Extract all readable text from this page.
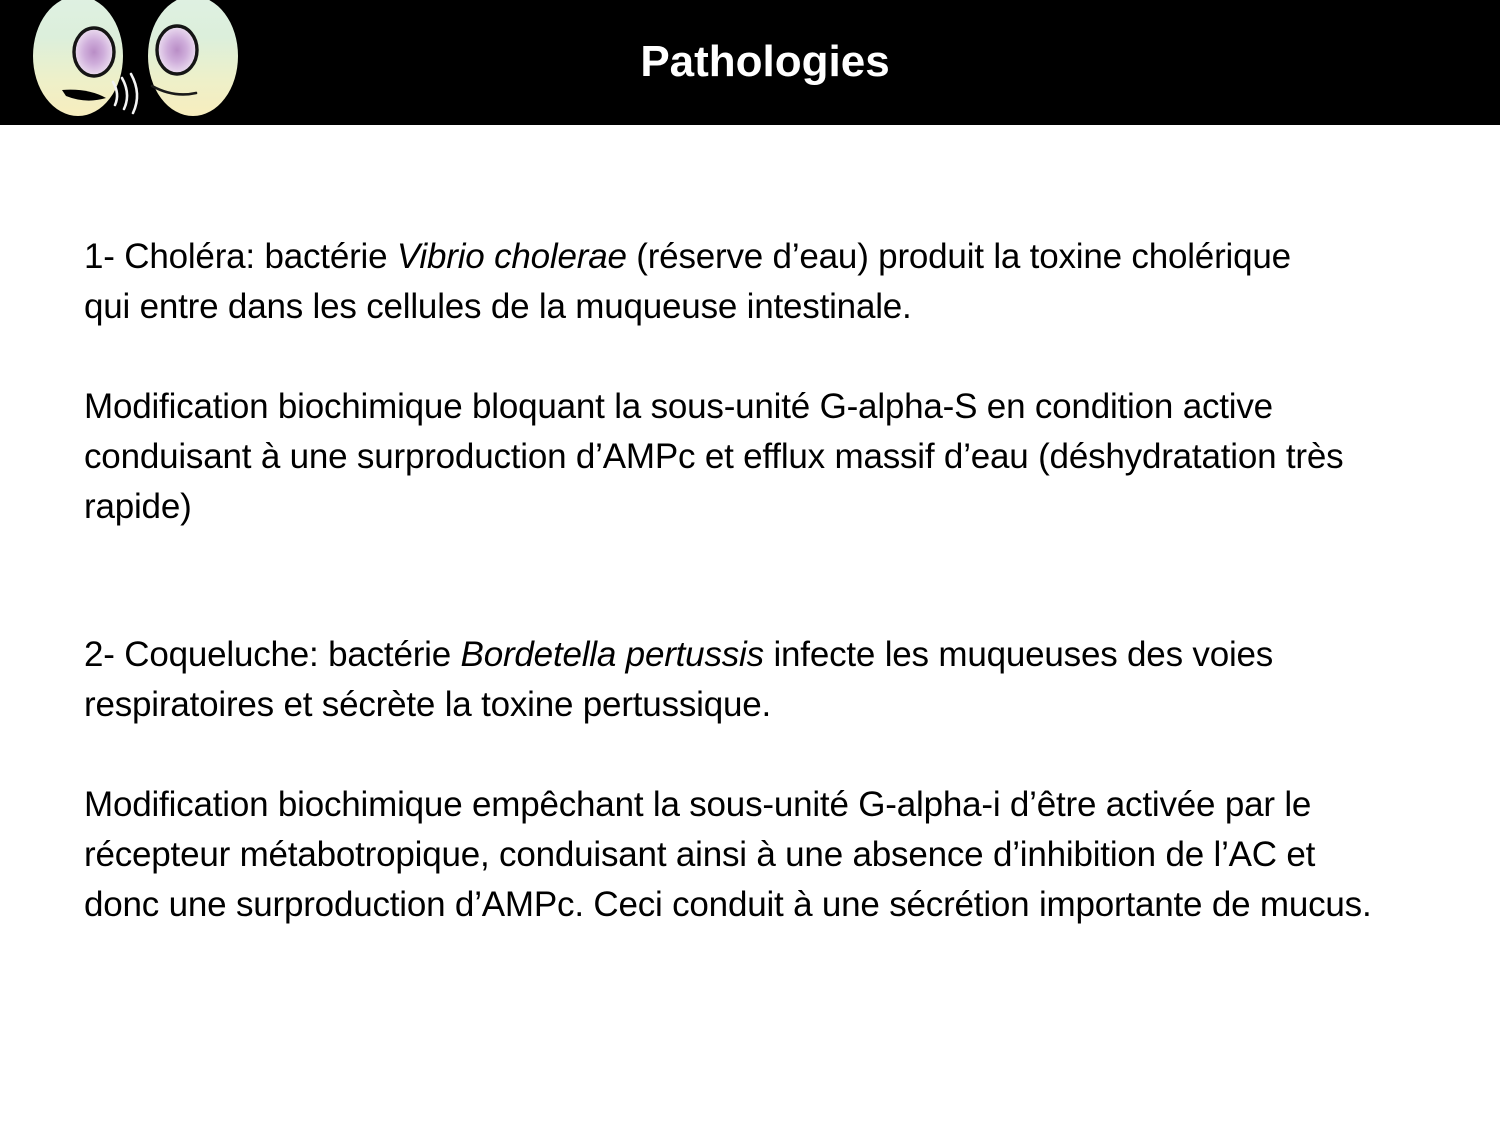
Pathologies

1- Choléra: bactérie Vibrio cholerae (réserve d’eau) produit la toxine cholérique qui entre dans les cellules de la muqueuse intestinale.

Modification biochimique bloquant la sous-unité G-alpha-S en condition active conduisant à une surproduction d’AMPc et efflux massif d’eau (déshydratation très rapide)

2- Coqueluche: bactérie Bordetella pertussis infecte les muqueuses des voies respiratoires et sécrète la toxine pertussique.

Modification biochimique empêchant la sous-unité G-alpha-i d’être activée par le récepteur métabotropique, conduisant ainsi à une absence d’inhibition de l’AC et donc une surproduction d’AMPc. Ceci conduit à une sécrétion importante de mucus.
